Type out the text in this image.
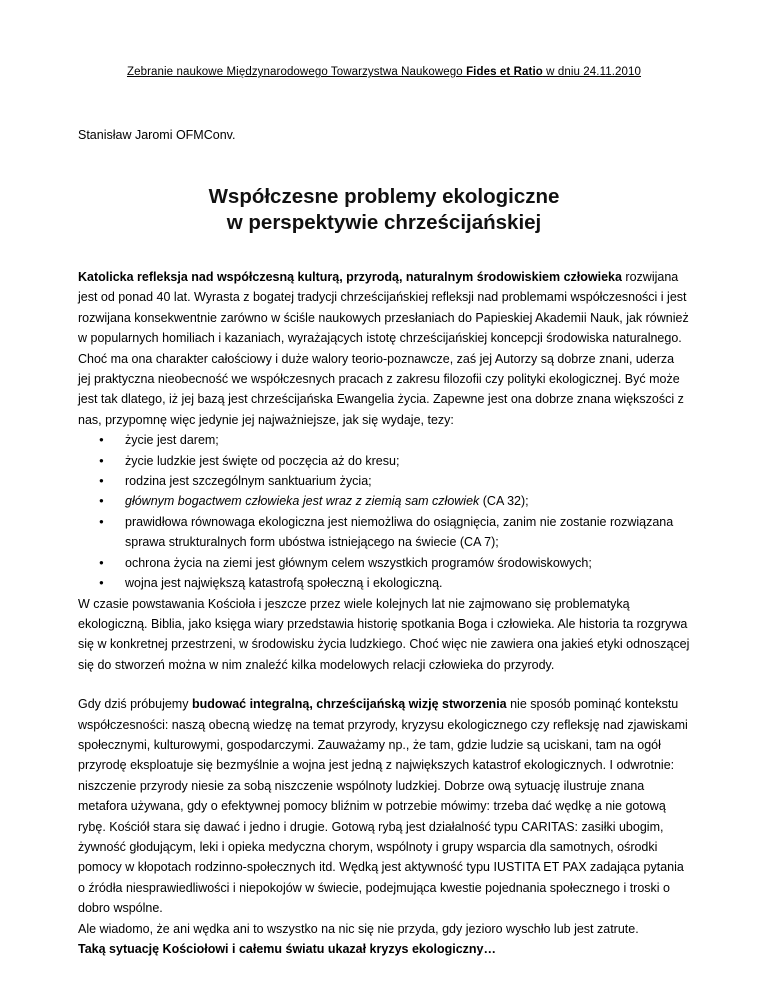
Zebranie naukowe Międzynarodowego Towarzystwa Naukowego Fides et Ratio w dniu 24.11.2010
Stanisław Jaromi OFMConv.
Współczesne problemy ekologiczne
w perspektywie chrześcijańskiej

Katolicka refleksja nad współczesną kulturą, przyrodą, naturalnym środowiskiem człowieka rozwijana jest od ponad 40 lat. Wyrasta z bogatej tradycji chrześcijańskiej refleksji nad problemami współczesności i jest rozwijana konsekwentnie zarówno w ściśle naukowych przesłaniach do Papieskiej Akademii Nauk, jak również w popularnych homiliach i kazaniach, wyrażających istotę chrześcijańskiej koncepcji środowiska naturalnego. Choć ma ona charakter całościowy i duże walory teorio-poznawcze, zaś jej Autorzy są dobrze znani, uderza jej praktyczna nieobecność we współczesnych pracach z zakresu filozofii czy polityki ekologicznej. Być może jest tak dlatego, iż jej bazą jest chrześcijańska Ewangelia życia. Zapewne jest ona dobrze znana większości z nas, przypomnę więc jedynie jej najważniejsze, jak się wydaje, tezy:

● życie jest darem;
● życie ludzkie jest święte od poczęcia aż do kresu;
● rodzina jest szczególnym sanktuarium życia;
● głównym bogactwem człowieka jest wraz z ziemią sam człowiek (CA 32);
● prawidłowa równowaga ekologiczna jest niemożliwa do osiągnięcia, zanim nie zostanie rozwiązana sprawa strukturalnych form ubóstwa istniejącego na świecie (CA 7);
● ochrona życia na ziemi jest głównym celem wszystkich programów środowiskowych;
● wojna jest największą katastrofą społeczną i ekologiczną.

W czasie powstawania Kościoła i jeszcze przez wiele kolejnych lat nie zajmowano się problematyką ekologiczną. Biblia, jako księga wiary przedstawia historię spotkania Boga i człowieka. Ale historia ta rozgrywa się w konkretnej przestrzeni, w środowisku życia ludzkiego. Choć więc nie zawiera ona jakieś etyki odnoszącej się do stworzeń można w nim znaleźć kilka modelowych relacji człowieka do przyrody.

Gdy dziś próbujemy budować integralną, chrześcijańską wizję stworzenia nie sposób pominąć kontekstu współczesności: naszą obecną wiedzę na temat przyrody, kryzysu ekologicznego czy refleksję nad zjawiskami społecznymi, kulturowymi, gospodarczymi. Zauważamy np., że tam, gdzie ludzie są uciskani, tam na ogół przyrodę eksploatuje się bezmyślnie a wojna jest jedną z największych katastrof ekologicznych. I odwrotnie: niszczenie przyrody niesie za sobą niszczenie wspólnoty ludzkiej. Dobrze ową sytuację ilustruje znana metafora używana, gdy o efektywnej pomocy bliźnim w potrzebie mówimy: trzeba dać wędkę a nie gotową rybę. Kościół stara się dawać i jedno i drugie. Gotową rybą jest działalność typu CARITAS: zasiłki ubogim, żywność głodującym, leki i opieka medyczna chorym, wspólnoty i grupy wsparcia dla samotnych, ośrodki pomocy w kłopotach rodzinno-społecznych itd. Wędką jest aktywność typu IUSTITA ET PAX zadająca pytania o źródła niesprawiedliwości i niepokojów w świecie, podejmująca kwestie pojednania społecznego i troski o dobro wspólne.

Ale wiadomo, że ani wędka ani to wszystko na nic się nie przyda, gdy jezioro wyschło lub jest zatrute.

Taką sytuację Kościołowi i całemu światu ukazał kryzys ekologiczny…
